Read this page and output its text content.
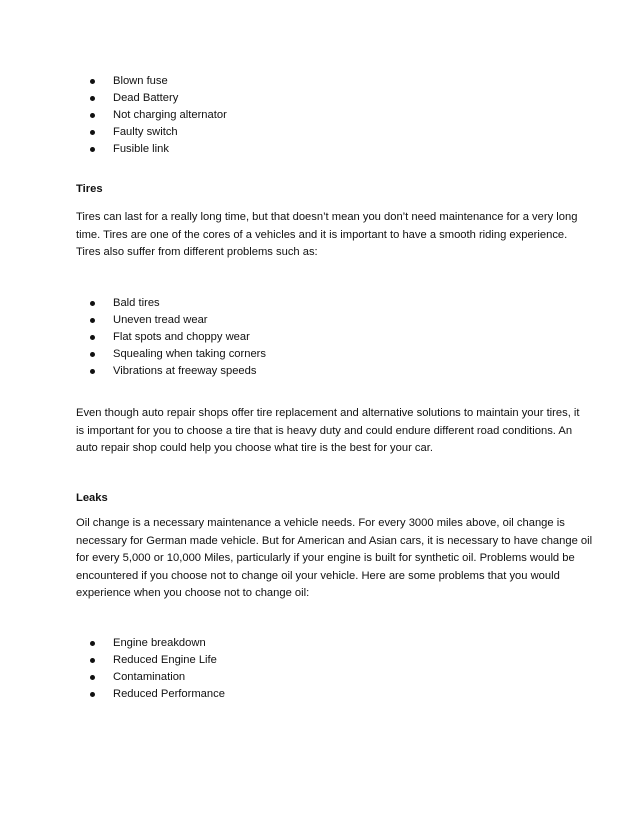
Blown fuse
Dead Battery
Not charging alternator
Faulty switch
Fusible link
Tires
Tires can last for a really long time, but that doesn’t mean you don’t need maintenance for a very long
time. Tires are one of the cores of a vehicles and it is important to have a smooth riding experience.
Tires also suffer from different problems such as:
Bald tires
Uneven tread wear
Flat spots and choppy wear
Squealing when taking corners
Vibrations at freeway speeds
Even though auto repair shops offer tire replacement and alternative solutions to maintain your tires, it
is important for you to choose a tire that is heavy duty and could endure different road conditions. An
auto repair shop could help you choose what tire is the best for your car.
Leaks
Oil change is a necessary maintenance a vehicle needs. For every 3000 miles above, oil change is
necessary for German made vehicle. But for American and Asian cars, it is necessary to have change oil
for every 5,000 or 10,000 Miles, particularly if your engine is built for synthetic oil. Problems would be
encountered if you choose not to change oil your vehicle. Here are some problems that you would
experience when you choose not to change oil:
Engine breakdown
Reduced Engine Life
Contamination
Reduced Performance
